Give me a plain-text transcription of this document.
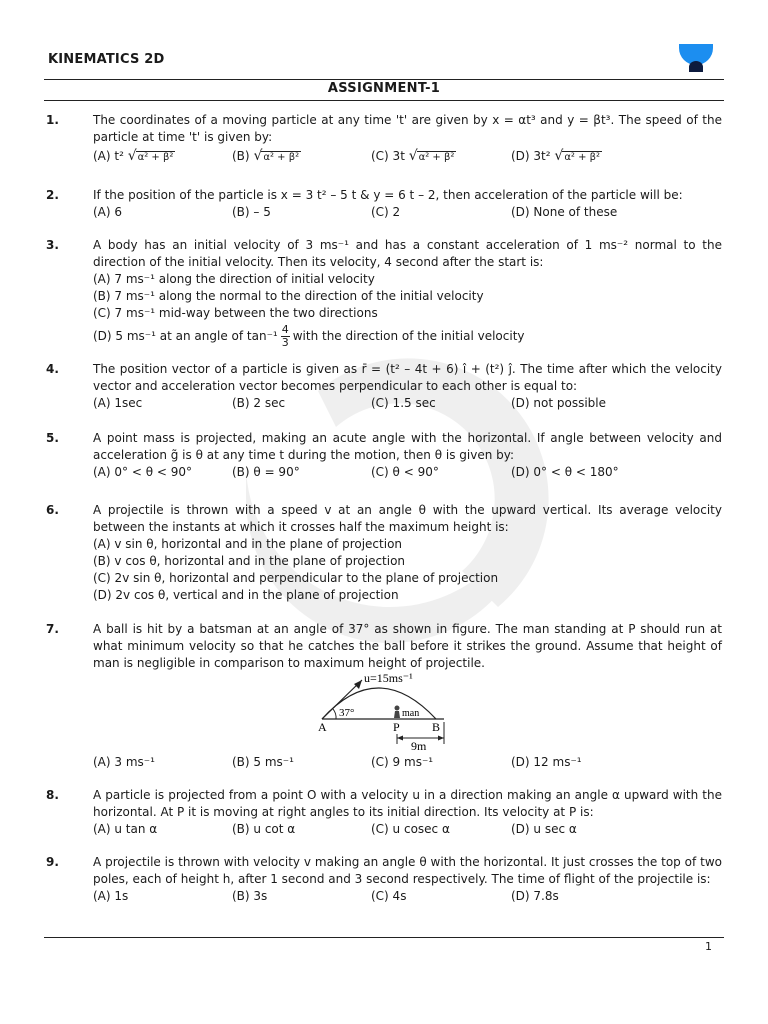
KINEMATICS 2D
ASSIGNMENT-1
1.	The coordinates of a moving particle at any time 't' are given by x = αt³ and y = βt³. The speed of the particle at time 't' is given by:
(A) t² √α² + β²	(B) √α² + β²	(C) 3t √α² + β²	(D) 3t² √α² + β²
2.	If the position of the particle is x = 3 t² – 5 t & y = 6 t – 2, then acceleration of the particle will be:
(A) 6	(B) – 5	(C) 2	(D) None of these
3.	A body has an initial velocity of 3 ms⁻¹ and has a constant acceleration of 1 ms⁻² normal to the direction of the initial velocity. Then its velocity, 4 second after the start is:
(A) 7 ms⁻¹ along the direction of initial velocity
(B) 7 ms⁻¹ along the normal to the direction of the initial velocity
(C) 7 ms⁻¹ mid-way between the two directions
(D) 5 ms⁻¹ at an angle of $\tan^{-1} \frac{4}{3}$ with the direction of the initial velocity
4.	The position vector of a particle is given as r̄ = (t² – 4t + 6) î + (t²) ĵ. The time after which the velocity vector and acceleration vector becomes perpendicular to each other is equal to:
(A) 1sec	(B) 2 sec	(C) 1.5 sec	(D) not possible
5.	A point mass is projected, making an acute angle with the horizontal. If angle between velocity and acceleration g̃ is θ at any time t during the motion, then θ is given by:
(A) 0° < θ < 90°	(B) θ = 90°	(C) θ < 90°	(D) 0° < θ < 180°
6.	A projectile is thrown with a speed v at an angle θ with the upward vertical. Its average velocity between the instants at which it crosses half the maximum height is:
(A) v sin θ, horizontal and in the plane of projection
(B) v cos θ, horizontal and in the plane of projection
(C) 2v sin θ, horizontal and perpendicular to the plane of projection
(D) 2v cos θ, vertical and in the plane of projection
7.	A ball is hit by a batsman at an angle of 37° as shown in figure. The man standing at P should run at what minimum velocity so that he catches the ball before it strikes the ground. Assume that height of man is negligible in comparison to maximum height of projectile.
u=15ms⁻¹
37°	man
A	P	B
9m
(A) 3 ms⁻¹	(B) 5 ms⁻¹	(C) 9 ms⁻¹	(D) 12 ms⁻¹
8.	A particle is projected from a point O with a velocity u in a direction making an angle α upward with the horizontal. At P it is moving at right angles to its initial direction. Its velocity at P is:
(A) u tan α	(B) u cot α	(C) u cosec α	(D) u sec α
9.	A projectile is thrown with velocity v making an angle θ with the horizontal. It just crosses the top of two poles, each of height h, after 1 second and 3 second respectively. The time of flight of the projectile is:
(A) 1s	(B) 3s	(C) 4s	(D) 7.8s
1
